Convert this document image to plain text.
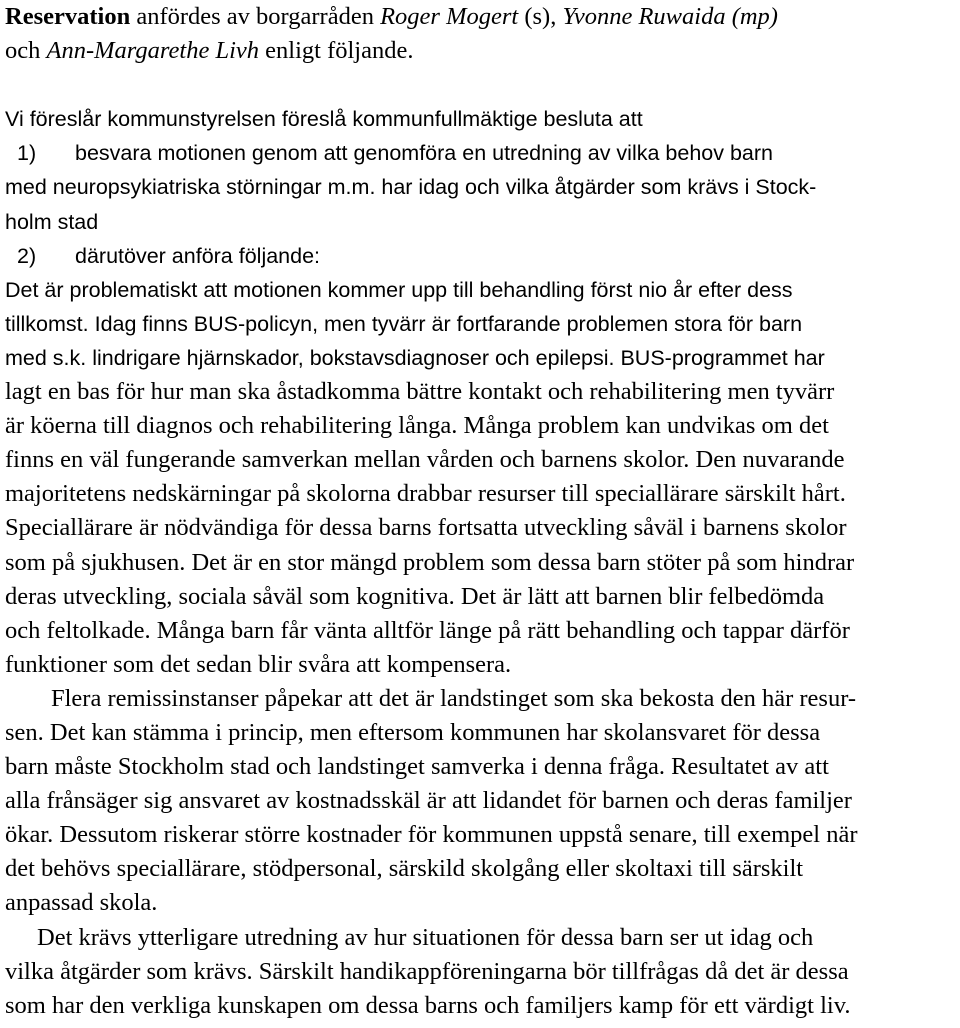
Reservation anfördes av borgarråden Roger Mogert (s), Yvonne Ruwaida (mp)
och Ann-Margarethe Livh enligt följande.
Vi föreslår kommunstyrelsen föreslå kommunfullmäktige besluta att
1) besvara motionen genom att genomföra en utredning av vilka behov barn
med neuropsykiatriska störningar m.m. har idag och vilka åtgärder som krävs i Stock-
holm stad
2) därutöver anföra följande:
Det är problematiskt att motionen kommer upp till behandling först nio år efter dess
tillkomst. Idag finns BUS-policyn, men tyvärr är fortfarande problemen stora för barn
med s.k. lindrigare hjärnskador, bokstavsdiagnoser och epilepsi. BUS-programmet har
lagt en bas för hur man ska åstadkomma bättre kontakt och rehabilitering men tyvärr
är köerna till diagnos och rehabilitering långa. Många problem kan undvikas om det
finns en väl fungerande samverkan mellan vården och barnens skolor. Den nuvarande
majoritetens nedskärningar på skolorna drabbar resurser till speciallärare särskilt hårt.
Speciallärare är nödvändiga för dessa barns fortsatta utveckling såväl i barnens skolor
som på sjukhusen. Det är en stor mängd problem som dessa barn stöter på som hindrar
deras utveckling, sociala såväl som kognitiva. Det är lätt att barnen blir felbedömda
och feltolkade. Många barn får vänta alltför länge på rätt behandling och tappar därför
funktioner som det sedan blir svåra att kompensera.
Flera remissinstanser påpekar att det är landstinget som ska bekosta den här resur-
sen. Det kan stämma i princip, men eftersom kommunen har skolansvaret för dessa
barn måste Stockholm stad och landstinget samverka i denna fråga. Resultatet av att
alla frånsäger sig ansvaret av kostnadsskäl är att lidandet för barnen och deras familjer
ökar. Dessutom riskerar större kostnader för kommunen uppstå senare, till exempel när
det behövs speciallärare, stödpersonal, särskild skolgång eller skoltaxi till särskilt
anpassad skola.
Det krävs ytterligare utredning av hur situationen för dessa barn ser ut idag och
vilka åtgärder som krävs. Särskilt handikappföreningarna bör tillfrågas då det är dessa
som har den verkliga kunskapen om dessa barns och familjers kamp för ett värdigt liv.
